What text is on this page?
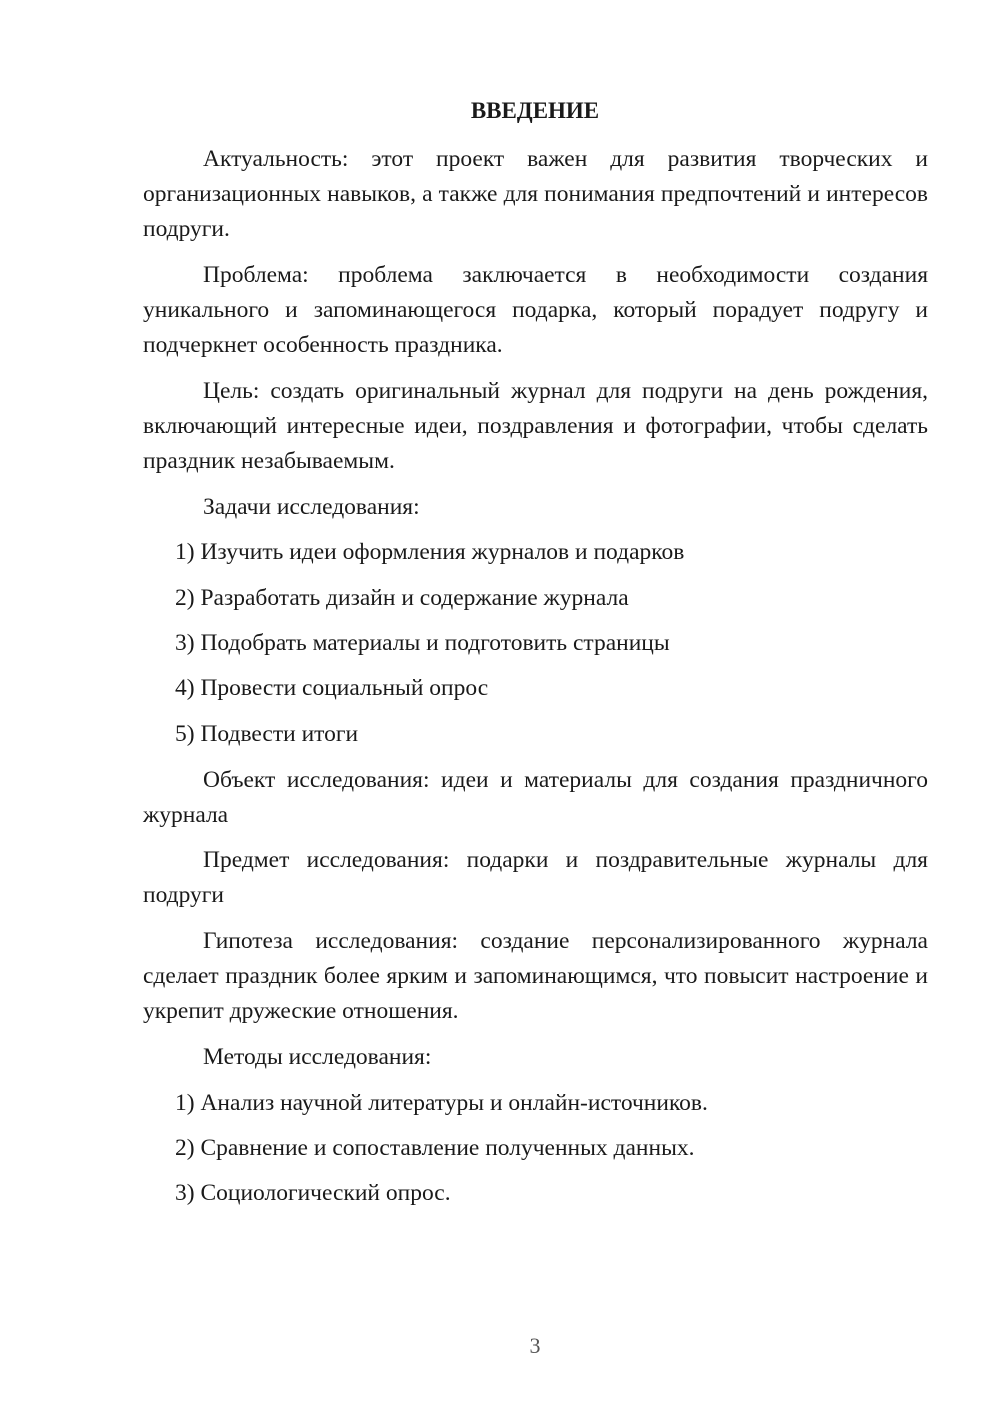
ВВЕДЕНИЕ

Актуальность: этот проект важен для развития творческих и организационных навыков, а также для понимания предпочтений и интересов подруги.

Проблема: проблема заключается в необходимости создания уникального и запоминающегося подарка, который порадует подругу и подчеркнет особенность праздника.

Цель: создать оригинальный журнал для подруги на день рождения, включающий интересные идеи, поздравления и фотографии, чтобы сделать праздник незабываемым.

Задачи исследования:

1) Изучить идеи оформления журналов и подарков

2) Разработать дизайн и содержание журнала

3) Подобрать материалы и подготовить страницы

4) Провести социальный опрос

5) Подвести итоги

Объект исследования: идеи и материалы для создания праздничного журнала

Предмет исследования: подарки и поздравительные журналы для подруги

Гипотеза исследования: создание персонализированного журнала сделает праздник более ярким и запоминающимся, что повысит настроение и укрепит дружеские отношения.

Методы исследования:

1) Анализ научной литературы и онлайн-источников.

2) Сравнение и сопоставление полученных данных.

3) Социологический опрос.

3
